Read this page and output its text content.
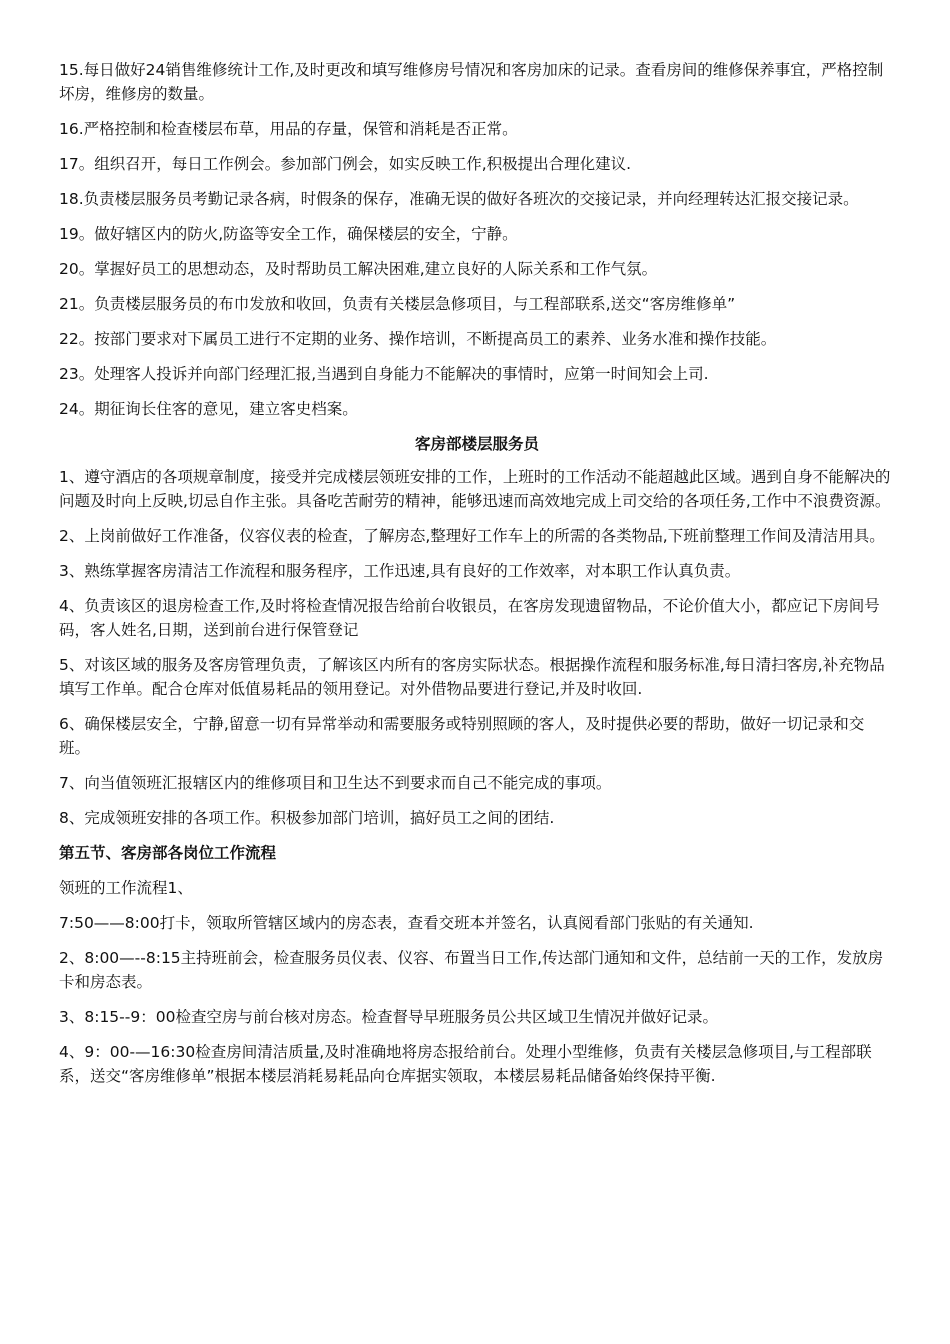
15.每日做好24销售维修统计工作,及时更改和填写维修房号情况和客房加床的记录。查看房间的维修保养事宜，严格控制坏房，维修房的数量。

16.严格控制和检查楼层布草，用品的存量，保管和消耗是否正常。

17。组织召开，每日工作例会。参加部门例会，如实反映工作,积极提出合理化建议.

18.负责楼层服务员考勤记录各病，时假条的保存，准确无误的做好各班次的交接记录，并向经理转达汇报交接记录。

19。做好辖区内的防火,防盗等安全工作，确保楼层的安全，宁静。

20。掌握好员工的思想动态，及时帮助员工解决困难,建立良好的人际关系和工作气氛。

21。负责楼层服务员的布巾发放和收回，负责有关楼层急修项目，与工程部联系,送交“客房维修单”

22。按部门要求对下属员工进行不定期的业务、操作培训，不断提高员工的素养、业务水准和操作技能。

23。处理客人投诉并向部门经理汇报,当遇到自身能力不能解决的事情时，应第一时间知会上司.

24。期征询长住客的意见，建立客史档案。

客房部楼层服务员

1、遵守酒店的各项规章制度，接受并完成楼层领班安排的工作，上班时的工作活动不能超越此区域。遇到自身不能解决的问题及时向上反映,切忌自作主张。具备吃苦耐劳的精神，能够迅速而高效地完成上司交给的各项任务,工作中不浪费资源。

2、上岗前做好工作准备，仪容仪表的检查，了解房态,整理好工作车上的所需的各类物品,下班前整理工作间及清洁用具。

3、熟练掌握客房清洁工作流程和服务程序，工作迅速,具有良好的工作效率，对本职工作认真负责。

4、负责该区的退房检查工作,及时将检查情况报告给前台收银员，在客房发现遗留物品，不论价值大小，都应记下房间号码，客人姓名,日期，送到前台进行保管登记

5、对该区域的服务及客房管理负责，了解该区内所有的客房实际状态。根据操作流程和服务标准,每日清扫客房,补充物品填写工作单。配合仓库对低值易耗品的领用登记。对外借物品要进行登记,并及时收回.

6、确保楼层安全，宁静,留意一切有异常举动和需要服务或特别照顾的客人，及时提供必要的帮助，做好一切记录和交班。

7、向当值领班汇报辖区内的维修项目和卫生达不到要求而自己不能完成的事项。

8、完成领班安排的各项工作。积极参加部门培训，搞好员工之间的团结.

第五节、客房部各岗位工作流程

领班的工作流程1、

7:50——8:00打卡，领取所管辖区域内的房态表，查看交班本并签名，认真阅看部门张贴的有关通知.

2、8:00—--8:15主持班前会，检查服务员仪表、仪容、布置当日工作,传达部门通知和文件，总结前一天的工作，发放房卡和房态表。

3、8:15--9：00检查空房与前台核对房态。检查督导早班服务员公共区域卫生情况并做好记录。

4、9：00-—16:30检查房间清洁质量,及时准确地将房态报给前台。处理小型维修，负责有关楼层急修项目,与工程部联系，送交“客房维修单”根据本楼层消耗易耗品向仓库据实领取，本楼层易耗品储备始终保持平衡.
